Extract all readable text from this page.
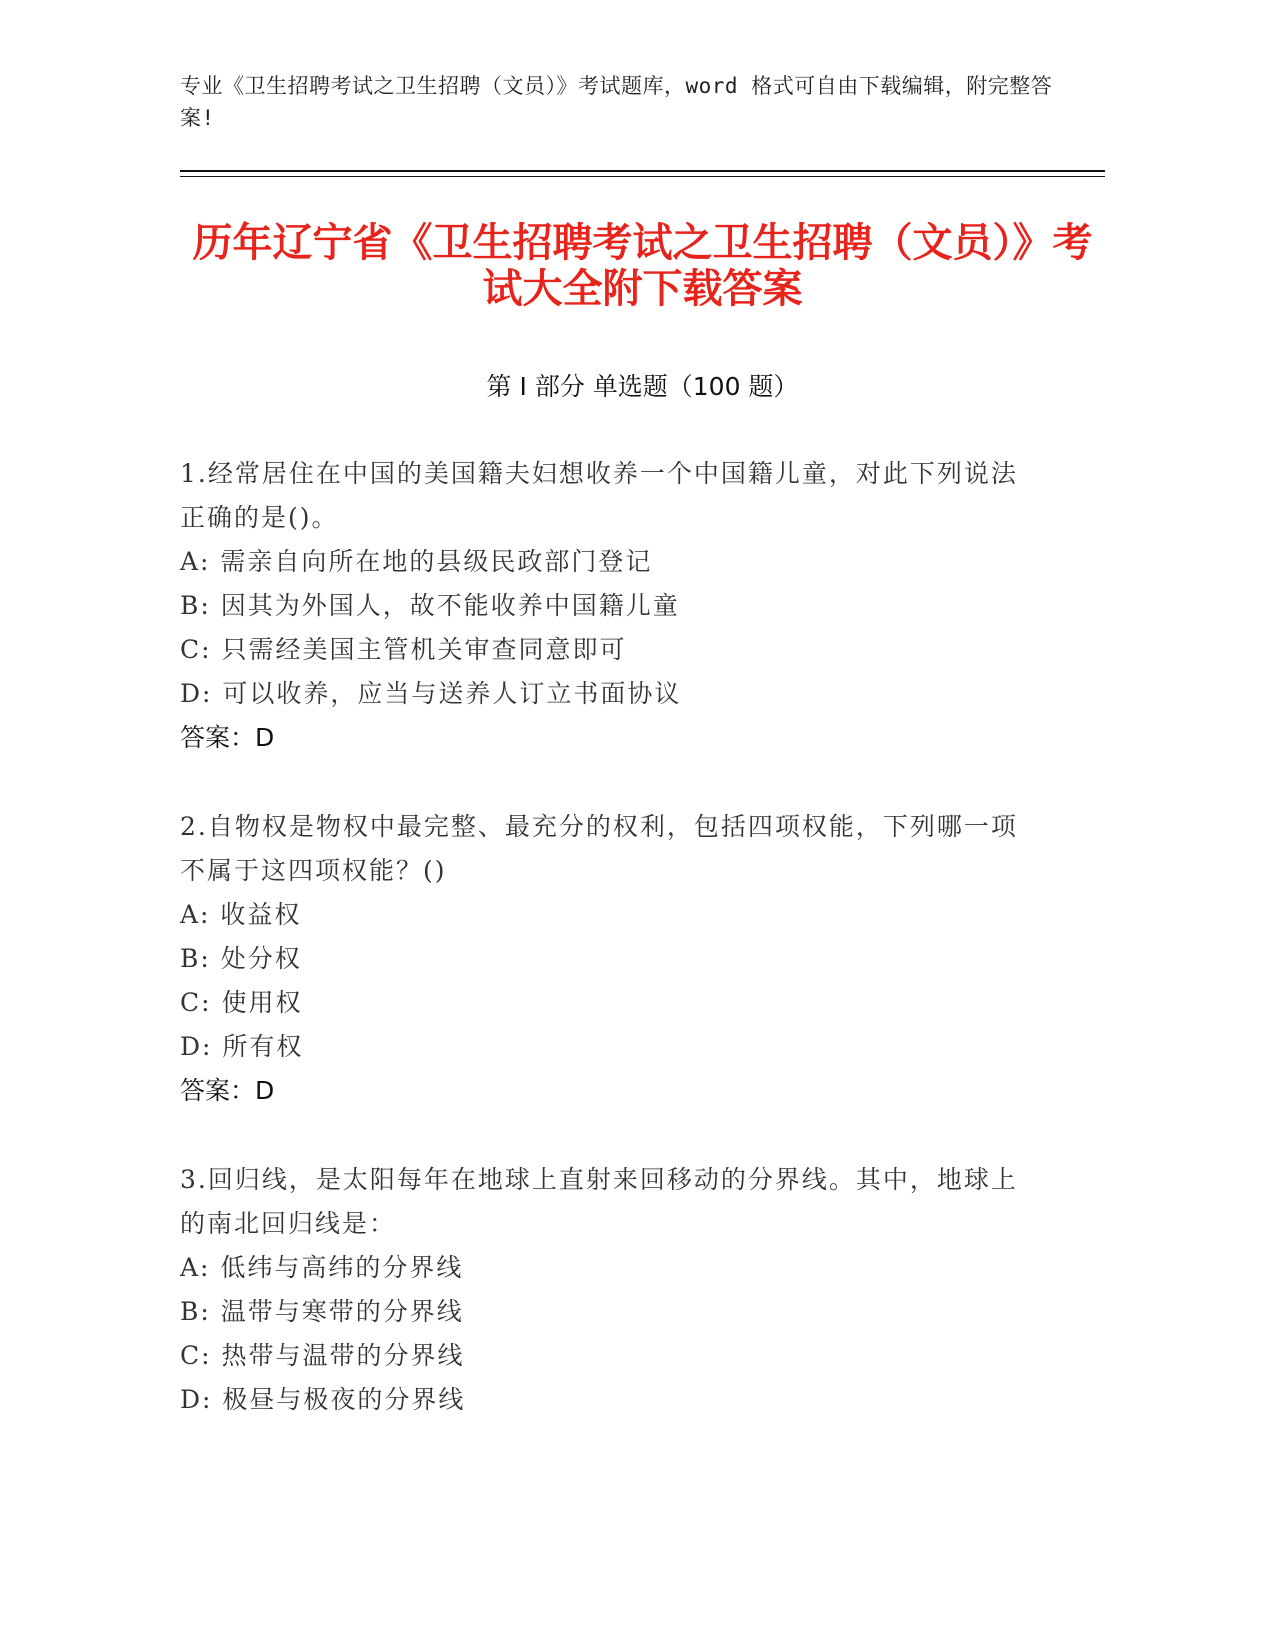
专业《卫生招聘考试之卫生招聘（文员）》考试题库，word 格式可自由下载编辑，附完整答案!
历年辽宁省《卫生招聘考试之卫生招聘（文员）》考试大全附下载答案
第 I 部分 单选题（100 题）
1.经常居住在中国的美国籍夫妇想收养一个中国籍儿童，对此下列说法正确的是()。
A: 需亲自向所在地的县级民政部门登记
B: 因其为外国人，故不能收养中国籍儿童
C: 只需经美国主管机关审查同意即可
D: 可以收养，应当与送养人订立书面协议
答案：D
2.自物权是物权中最完整、最充分的权利，包括四项权能，下列哪一项不属于这四项权能？()
A: 收益权
B: 处分权
C: 使用权
D: 所有权
答案：D
3.回归线，是太阳每年在地球上直射来回移动的分界线。其中，地球上的南北回归线是：
A: 低纬与高纬的分界线
B: 温带与寒带的分界线
C: 热带与温带的分界线
D: 极昼与极夜的分界线
